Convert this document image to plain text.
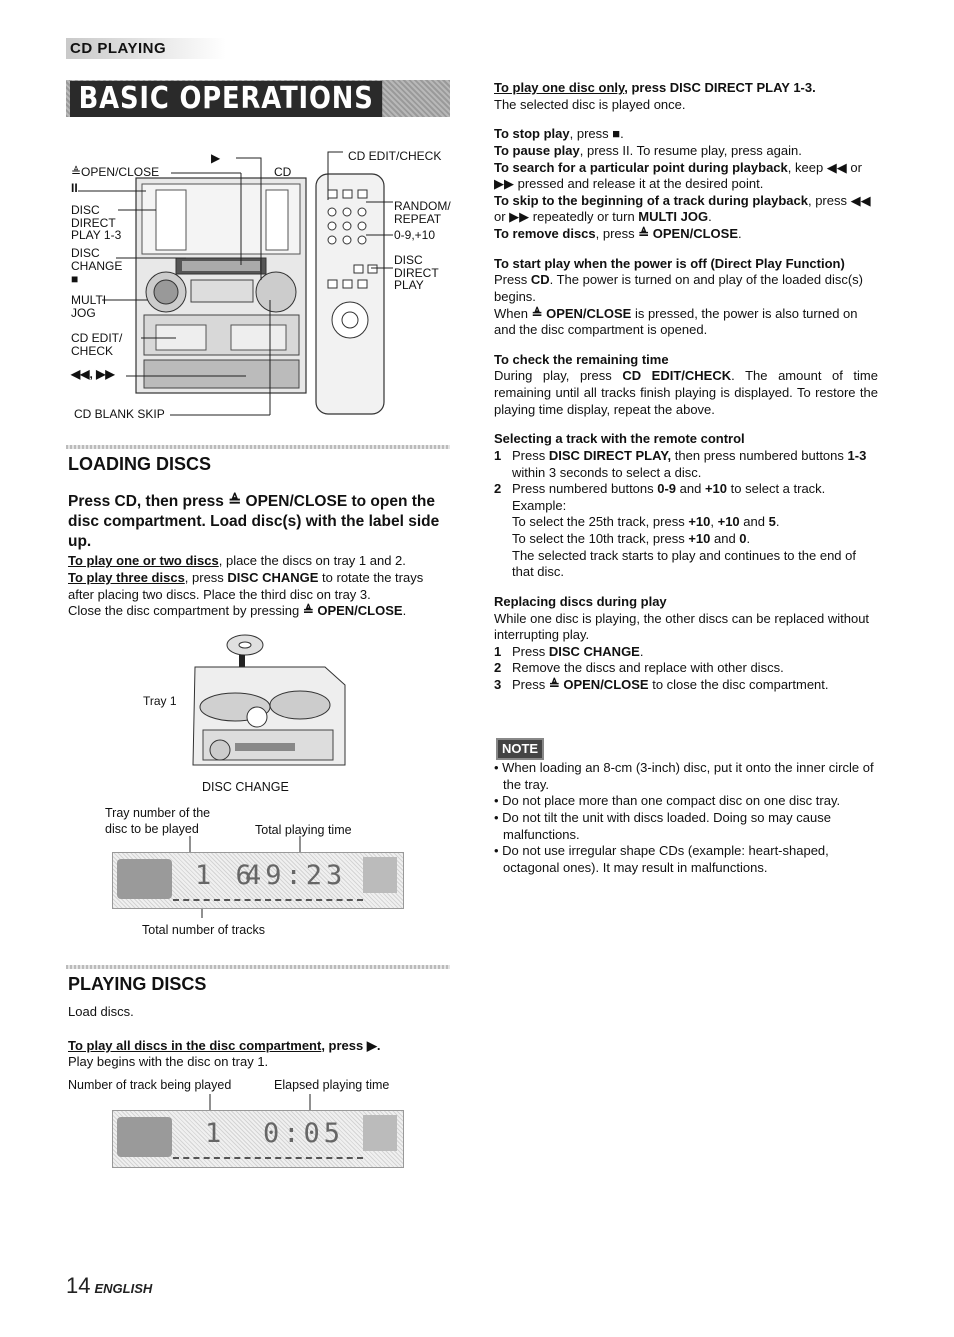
CD PLAYING
BASIC OPERATIONS
≜OPEN/CLOSE
II
DISC
DIRECT
PLAY 1-3
DISC
CHANGE
■
MULTI
JOG
CD EDIT/
CHECK
◀◀, ▶▶
CD BLANK SKIP
▶
CD
CD EDIT/CHECK
RANDOM/
REPEAT
0-9,+10
DISC
DIRECT
PLAY
LOADING DISCS

Press CD, then press ≜ OPEN/CLOSE to open the disc compartment. Load disc(s) with the label side up.

To play one or two discs, place the discs on tray 1 and 2.

To play three discs, press DISC CHANGE to rotate the trays after placing two discs. Place the third disc on tray 3.

Close the disc compartment by pressing ≜ OPEN/CLOSE.

Tray 1
DISC CHANGE
Tray number of the
disc to be played	Total playing time
1 6
49:23
Total number of tracks
PLAYING DISCS

Load discs.

To play all discs in the disc compartment, press ▶.

Play begins with the disc on tray 1.

Number of track being played	Elapsed playing time
1 0:05

To play one disc only, press DISC DIRECT PLAY 1-3.

The selected disc is played once.

To stop play, press ■.

To pause play, press II. To resume play, press again.

To search for a particular point during playback, keep ◀◀ or ▶▶ pressed and release it at the desired point.

To skip to the beginning of a track during playback, press ◀◀ or ▶▶ repeatedly or turn MULTI JOG.

To remove discs, press ≜ OPEN/CLOSE.

To start play when the power is off (Direct Play Function)

Press CD. The power is turned on and play of the loaded disc(s) begins.

When ≜ OPEN/CLOSE is pressed, the power is also turned on and the disc compartment is opened.

To check the remaining time

During play, press CD EDIT/CHECK. The amount of time remaining until all tracks finish playing is displayed. To restore the playing time display, repeat the above.

Selecting a track with the remote control
1 Press DISC DIRECT PLAY, then press numbered buttons 1-3 within 3 seconds to select a disc.
2 Press numbered buttons 0-9 and +10 to select a track.

Example:

To select the 25th track, press +10, +10 and 5.

To select the 10th track, press +10 and 0.

The selected track starts to play and continues to the end of that disc.

Replacing discs during play

While one disc is playing, the other discs can be replaced without interrupting play.

1 Press DISC CHANGE.
2 Remove the discs and replace with other discs.
3 Press ≜ OPEN/CLOSE to close the disc compartment.
NOTE
• When loading an 8-cm (3-inch) disc, put it onto the inner circle of the tray.
• Do not place more than one compact disc on one disc tray.
• Do not tilt the unit with discs loaded. Doing so may cause malfunctions.
• Do not use irregular shape CDs (example: heart-shaped, octagonal ones). It may result in malfunctions.
14 ENGLISH
